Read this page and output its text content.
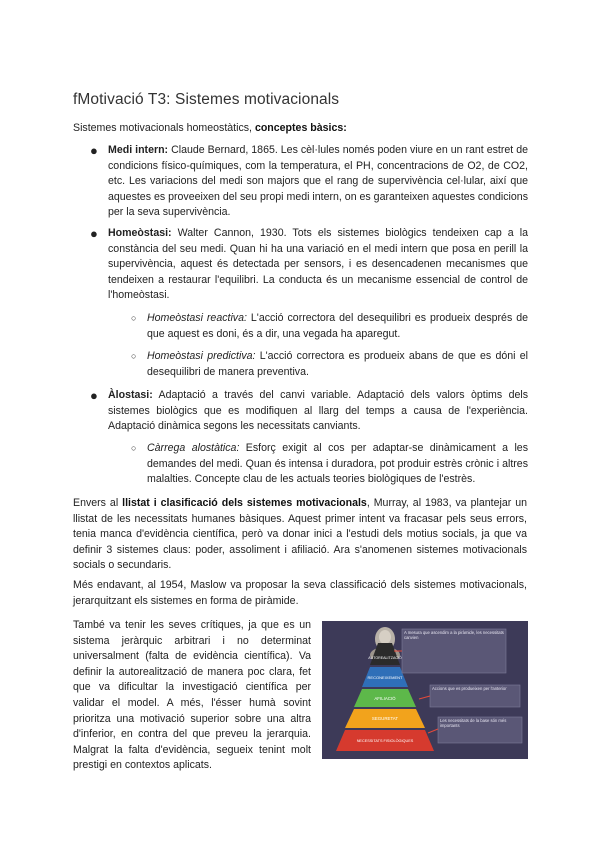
fMotivació T3: Sistemes motivacionals
Sistemes motivacionals homeostàtics, conceptes bàsics:
● Medi intern: Claude Bernard, 1865. Les cèl·lules només poden viure en un rant estret de condicions físico-químiques, com la temperatura, el PH, concentracions de O2, de CO2, etc. Les variacions del medi son majors que el rang de supervivència cel·lular, així que aquestes es proveeixen del seu propi medi intern, on es garanteixen aquestes condicions per la seva supervivència.
● Homeòstasi: Walter Cannon, 1930. Tots els sistemes biològics tendeixen cap a la constància del seu medi. Quan hi ha una variació en el medi intern que posa en perill la supervivència, aquest és detectada per sensors, i es desencadenen mecanismes que tendeixen a restaurar l'equilibri. La conducta és un mecanisme essencial de control de l'homeòstasi.
○ Homeòstasi reactiva: L'acció correctora del desequilibri es produeix després de que aquest es doni, és a dir, una vegada ha aparegut.
○ Homeòstasi predictiva: L'acció correctora es produeix abans de que es dóni el desequilibri de manera preventiva.
● Àlostasi: Adaptació a través del canvi variable. Adaptació dels valors òptims dels sistemes biològics que es modifiquen al llarg del temps a causa de l'experiència. Adaptació dinàmica segons les necessitats canviants.
○ Càrrega alostàtica: Esforç exigit al cos per adaptar-se dinàmicament a les demandes del medi. Quan és intensa i duradora, pot produir estrès crònic i altres malalties. Concepte clau de les actuals teories biològiques de l'estrès.
Envers al llistat i clasificació dels sistemes motivacionals, Murray, al 1983, va plantejar un llistat de les necessitats humanes bàsiques. Aquest primer intent va fracasar pels seus errors, tenia manca d'evidència científica, però va donar inici a l'estudi dels motius socials, ja que va definir 3 sistemes claus: poder, assoliment i afiliació. Ara s'anomenen sistemes motivacionals socials o secundaris.
Més endavant, al 1954, Maslow va proposar la seva classificació dels sistemes motivacionals, jerarquitzant els sistemes en forma de piràmide.
També va tenir les seves crítiques, ja que es un sistema jeràrquic arbitrari i no determinat universalment (falta de evidència científica). Va definir la autorealització de manera poc clara, fet que va dificultar la investigació científica per validar el model. A més, l'ésser humà sovint prioritza una motivació superior sobre una altra d'inferior, en contra del que preveu la jerarquia. Malgrat la falta d'evidència, segueix tenint molt prestigi en contextos aplicats.
AUTOREALITZACIÓ
RECONEIXEMENT
AFILIACIÓ
SEGURETAT
NECESSITATS FISIOLÒGIQUES
A mesura que ascendim a la piràmide, les necessitats canvien
Accions que es produeixen per l'anterior
Les necessitats de la base són més importants
